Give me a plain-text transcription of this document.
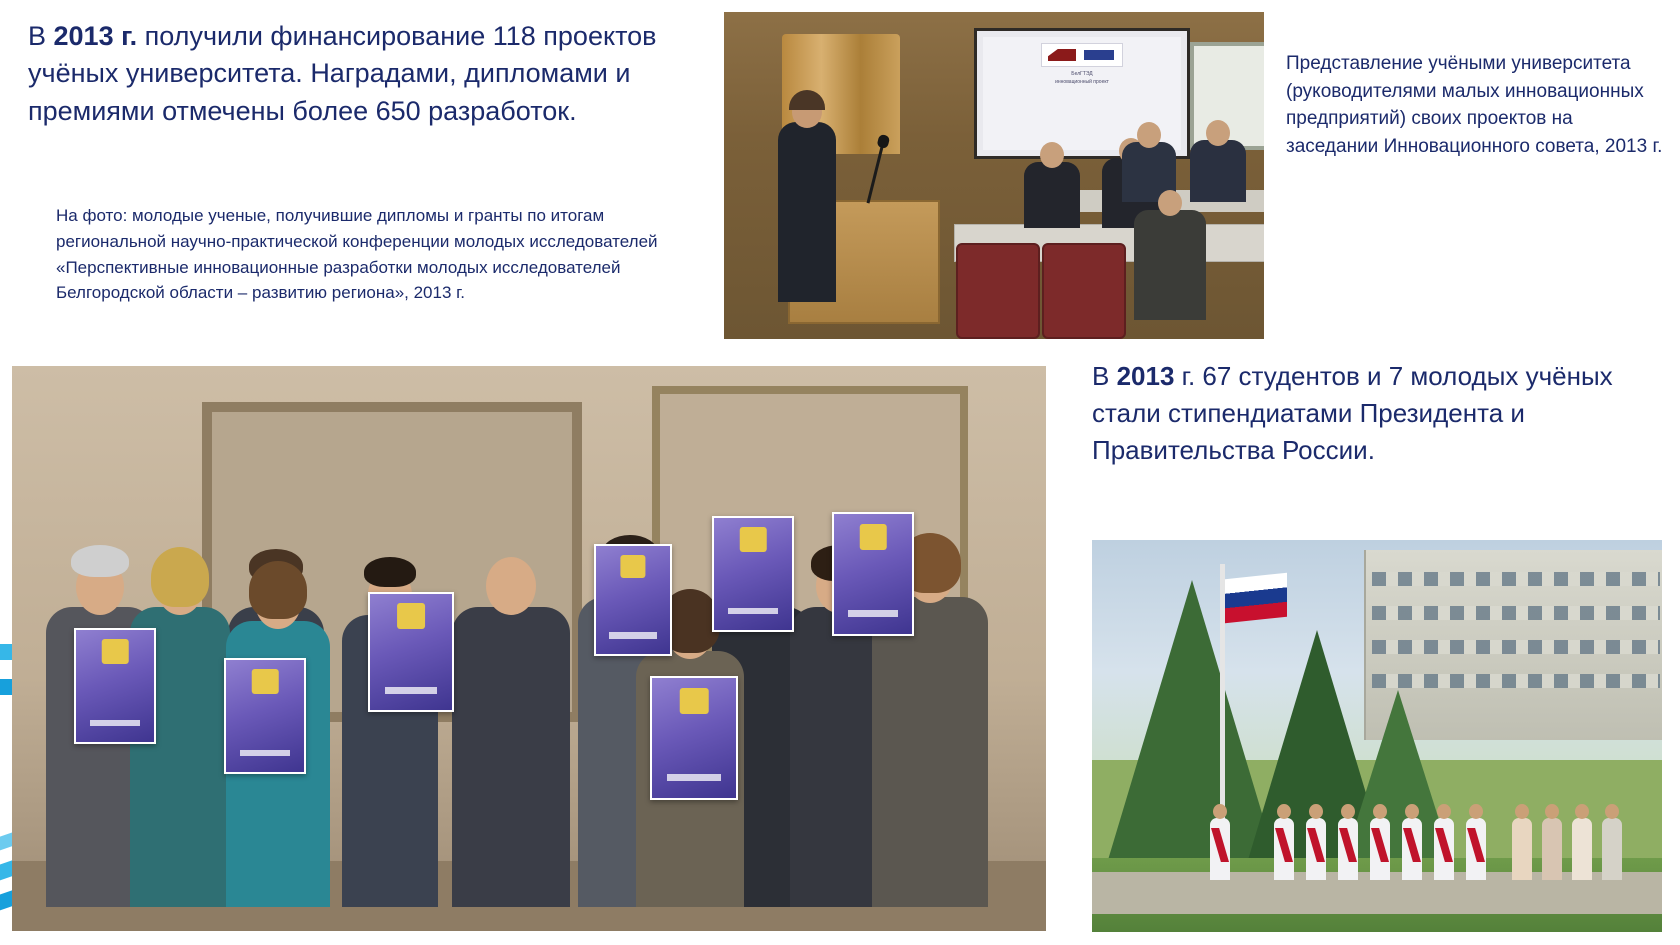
В 2013 г. получили финансирование 118 проектов учёных университета. Наградами, дипломами и премиями отмечены более 650 разработок.
На фото: молодые ученые, получившие дипломы и гранты по итогам региональной научно-практической конференции молодых исследователей «Перспективные инновационные разработки молодых исследователей Белгородской области – развитию региона», 2013 г.
БелГТЭД
инновационный проект
Представление учёными университета (руководителями малых инновационных предприятий) своих проектов на заседании Инновационного совета, 2013 г.
В 2013 г. 67 студентов и 7 молодых учёных стали стипендиатами Президента и Правительства России.
